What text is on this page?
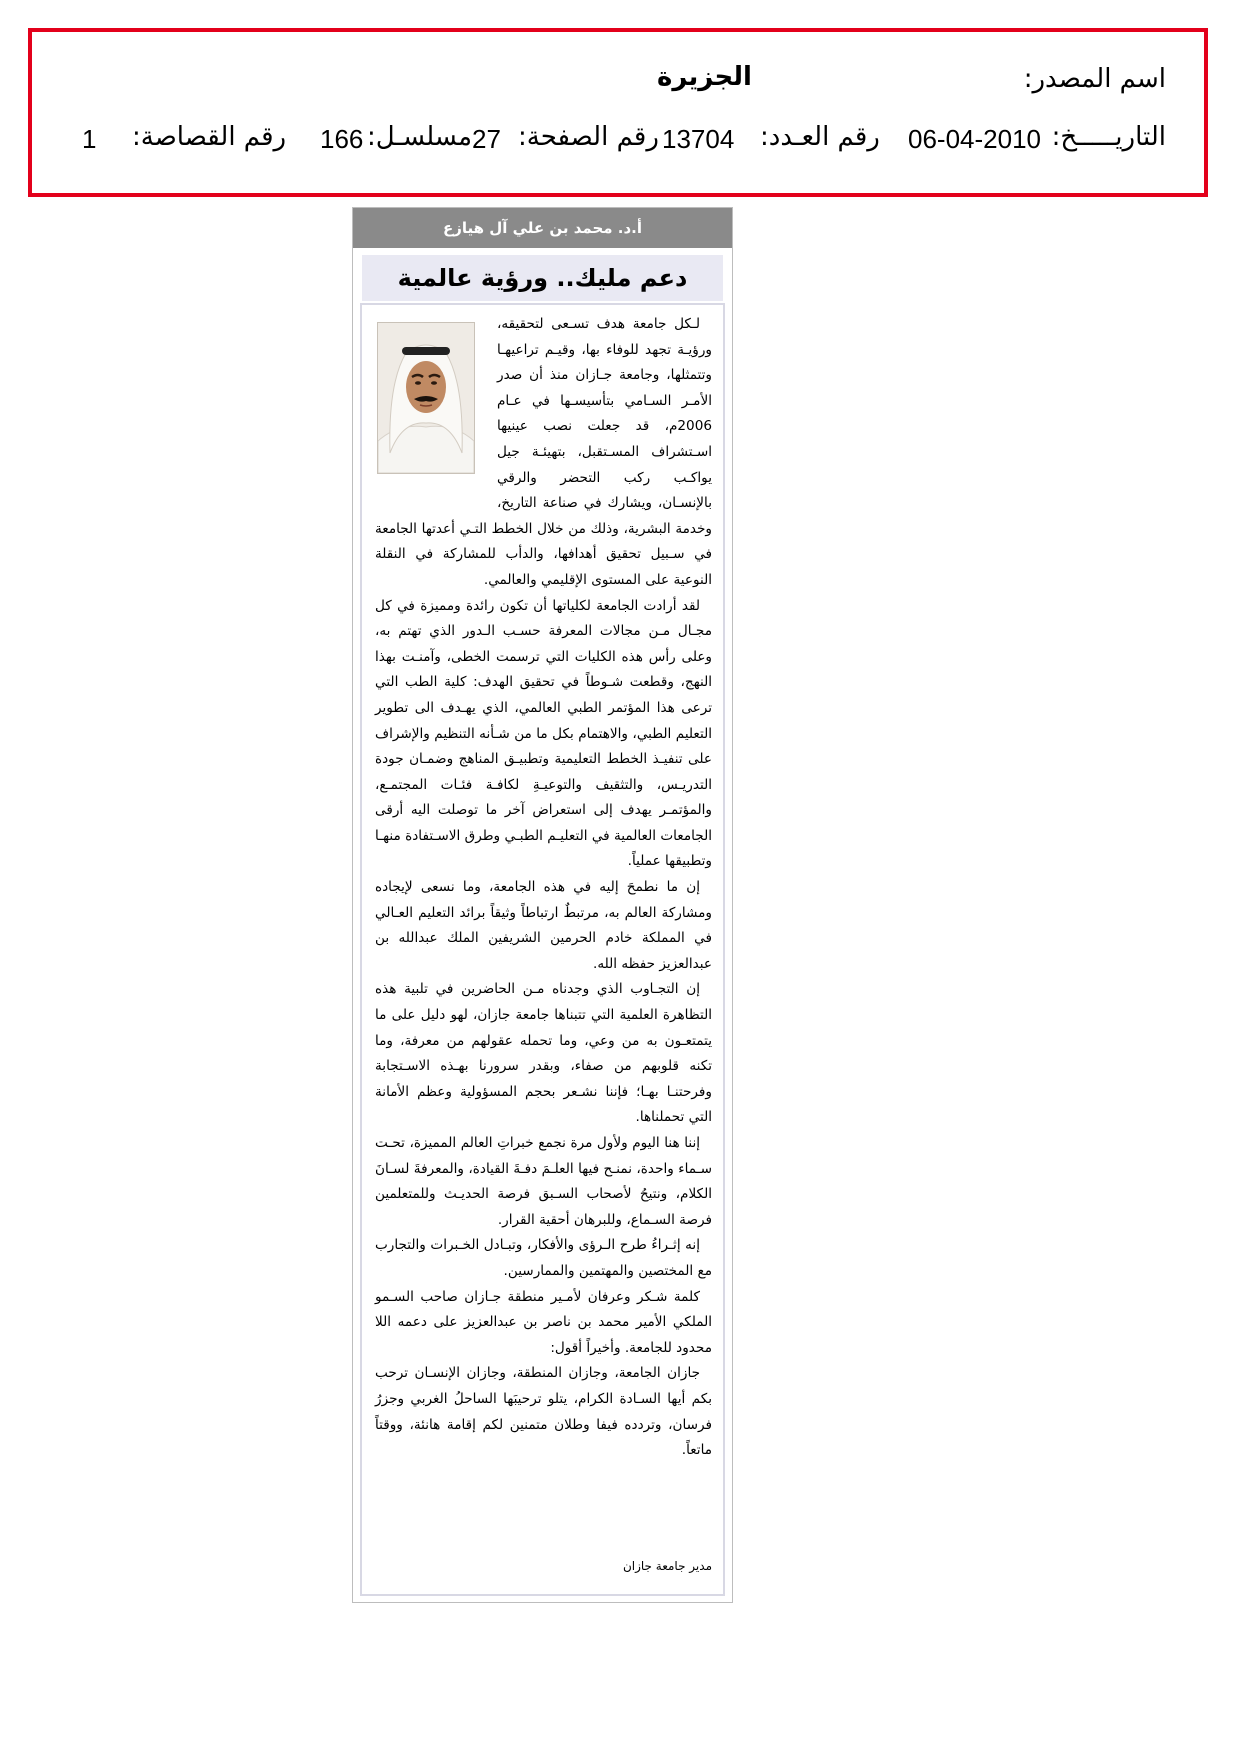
اسم المصدر:
الجزيرة
التاريـــــخ:
06-04-2010
رقم العـدد:
13704
رقم الصفحة:
27
مسلسـل:
166
رقم القصاصة:
1
أ.د. محمد بن علي آل هيازع
دعم مليك.. ورؤية عالمية

لـكل جامعة هدف تسـعى لتحقيقه، ورؤيـة تجهد للوفاء بها، وقيـم تراعيهـا وتتمثلها، وجامعة جـازان منذ أن صدر الأمـر السـامي بتأسيسـها في عـام 2006م، قد جعلت نصب عينيها اسـتشراف المسـتقبل، بتهيئـة جيل يواكـب ركب التحضر والرقي بالإنسـان، ويشارك في صناعة التاريخ، وخدمة البشرية، وذلك من خلال الخطط التـي أعدتها الجامعة في سـبيل تحقيق أهدافها، والدأب للمشاركة في النقلة النوعية على المستوى الإقليمي والعالمي.

لقد أرادت الجامعة لكلياتها أن تكون رائدة ومميزة في كل مجـال مـن مجالات المعرفة حسـب الـدور الذي تهتم به، وعلى رأس هذه الكليات التي ترسمت الخطى، وآمنـت بهذا النهج، وقطعت شـوطاً في تحقيق الهدف: كلية الطب التي ترعى هذا المؤتمر الطبي العالمي، الذي يهـدف الى تطوير التعليم الطبي، والاهتمام بكل ما من شـأنه التنظيم والإشراف على تنفيـذ الخطط التعليمية وتطبيـق المناهج وضمـان جودة التدريـس، والتثقيف والتوعيـةِ لكافـة فئـات المجتمـع، والمؤتمـر يهدف إلى استعراض آخر ما توصلت اليه أرقى الجامعات العالمية في التعليـم الطبـي وطرق الاسـتفادة منهـا وتطبيقها عملياً.

إن ما نطمحَ إليه في هذه الجامعة، وما نسعى لإيجاده ومشاركة العالم به، مرتبطٌ ارتباطاً وثيقاً برائد التعليم العـالي في المملكة خادم الحرمين الشريفين الملك عبدالله بن عبدالعزيز حفظه الله.

إن التجـاوب الذي وجدناه مـن الحاضرين في تلبية هذه التظاهرة العلمية التي تتبناها جامعة جازان، لهو دليل على ما يتمتعـون به من وعي، وما تحمله عقولهم من معرفة، وما تكنه قلوبهم من صفاء، وبقدر سرورنا بهـذه الاسـتجابة وفرحتنـا بهـا؛ فإننا نشـعر بحجم المسؤولية وعظم الأمانة التي تحملناها.

إننا هنا اليوم ولأول مرة نجمع خبراتِ العالم المميزة، تحـت سـماء واحدة، نمنـح فيها العلـمَ دفـةَ القيادة، والمعرفةَ لسـانَ الكلام، ونتيحُ لأصحاب السـبق فرصة الحديـث وللمتعلمين فرصة السـماع، وللبرهان أحقية القرار.

إنه إثـراءُ طرح الـرؤى والأفكار، وتبـادل الخـبرات والتجارب مع المختصين والمهتمين والممارسين.

كلمة شـكر وعرفان لأمـير منطقة جـازان صاحب السـمو الملكي الأمير محمد بن ناصر بن عبدالعزيز على دعمه اللا محدود للجامعة. وأخيراً أقول:

جازان الجامعة، وجازان المنطقة، وجازان الإنسـان ترحب بكم أيها السـادة الكرام، يتلو ترحيبَها الساحلُ الغربي وجزرُ فرسان، وتردده فيفا وطلان متمنين لكم إقامة هانئة، ووقتاً ماتعاً.

مدير جامعة جازان
